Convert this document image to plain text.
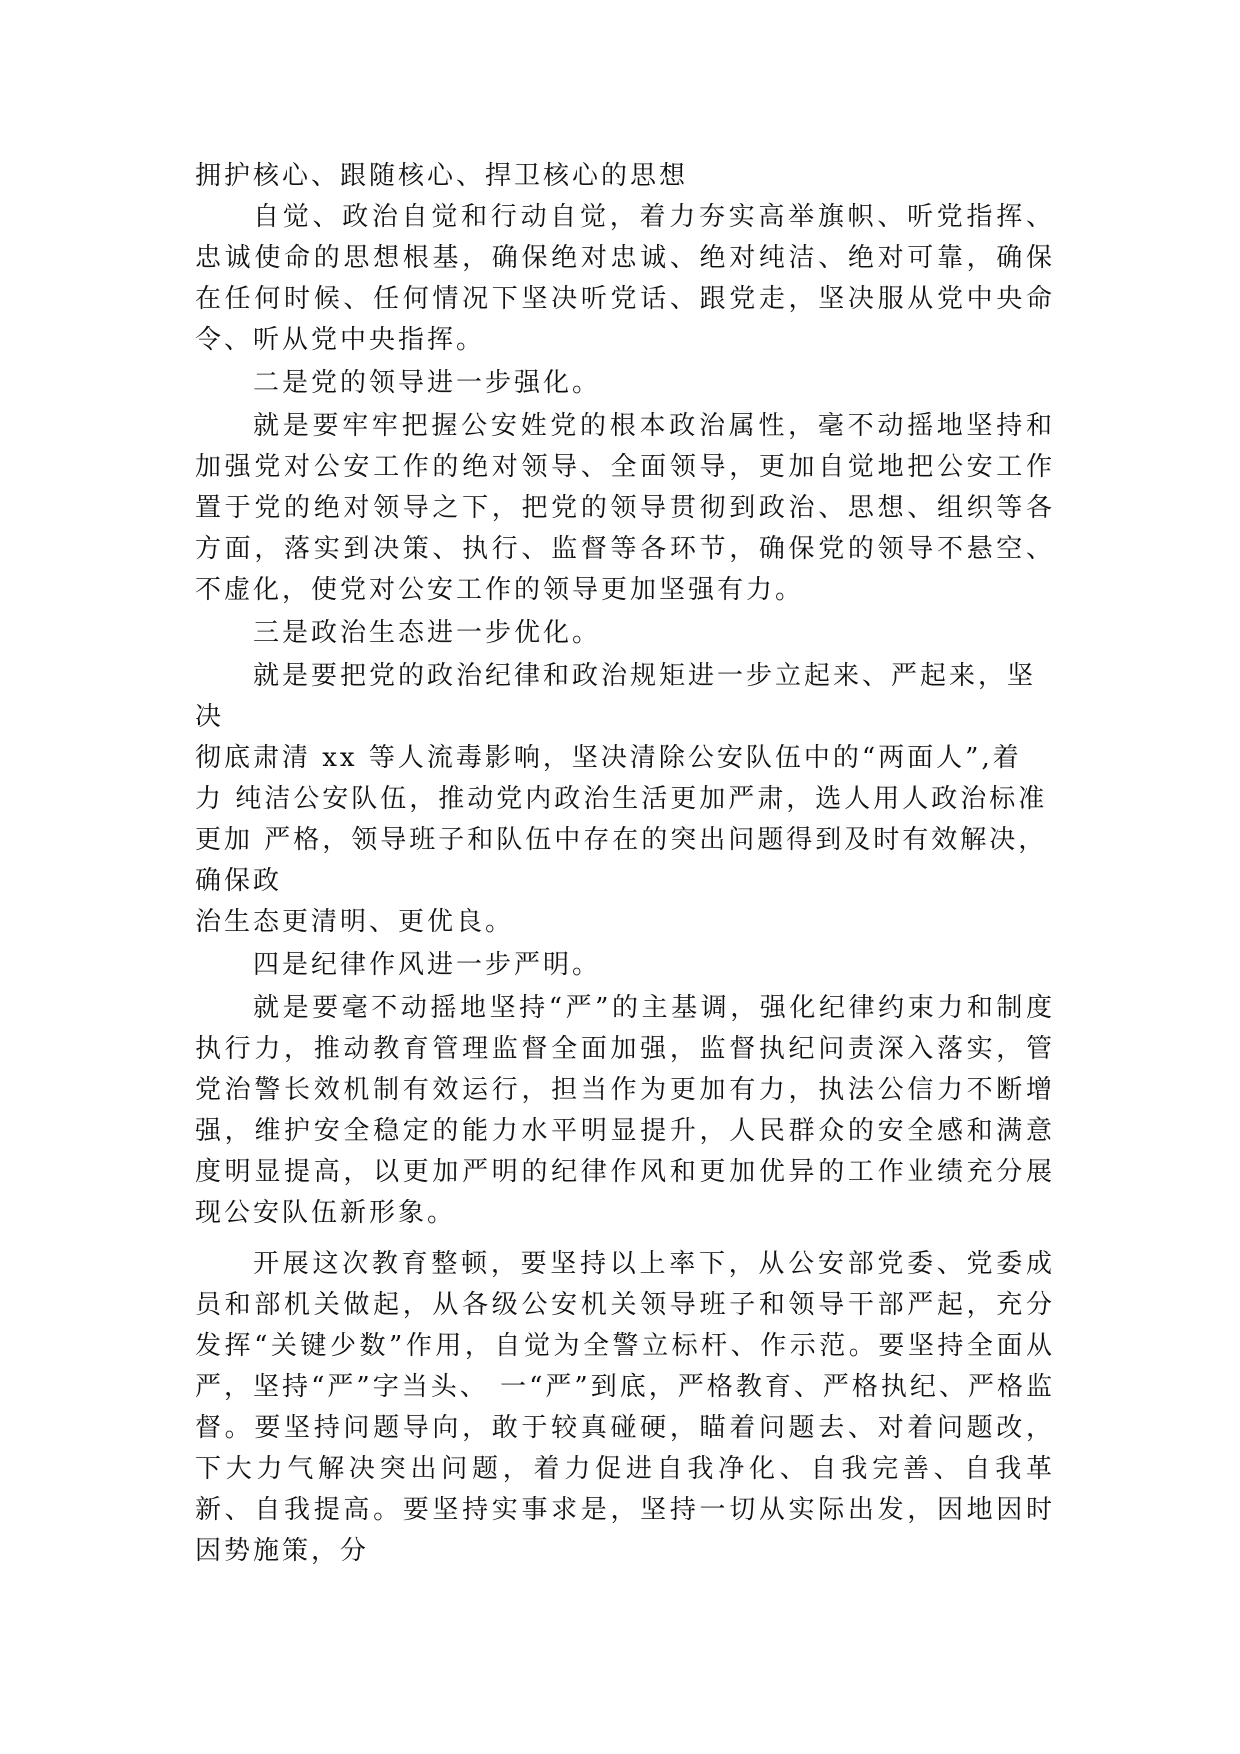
拥护核心、跟随核心、捍卫核心的思想

自觉、政治自觉和行动自觉，着力夯实高举旗帜、听党指挥、忠诚使命的思想根基，确保绝对忠诚、绝对纯洁、绝对可靠，确保在任何时候、任何情况下坚决听党话、跟党走，坚决服从党中央命令、听从党中央指挥。

二是党的领导进一步强化。

就是要牢牢把握公安姓党的根本政治属性，毫不动摇地坚持和加强党对公安工作的绝对领导、全面领导，更加自觉地把公安工作置于党的绝对领导之下，把党的领导贯彻到政治、思想、组织等各方面，落实到决策、执行、监督等各环节，确保党的领导不悬空、不虚化，使党对公安工作的领导更加坚强有力。

三是政治生态进一步优化。

就是要把党的政治纪律和政治规矩进一步立起来、严起来，坚决
彻底肃清 xx 等人流毒影响，坚决清除公安队伍中的“两面人”,着
力 纯洁公安队伍，推动党内政治生活更加严肃，选人用人政治标准
更加 严格，领导班子和队伍中存在的突出问题得到及时有效解决，
确保政
治生态更清明、更优良。

四是纪律作风进一步严明。

就是要毫不动摇地坚持“严”的主基调，强化纪律约束力和制度执行力，推动教育管理监督全面加强，监督执纪问责深入落实，管党治警长效机制有效运行，担当作为更加有力，执法公信力不断增强，维护安全稳定的能力水平明显提升，人民群众的安全感和满意度明显提高，以更加严明的纪律作风和更加优异的工作业绩充分展现公安队伍新形象。

开展这次教育整顿，要坚持以上率下，从公安部党委、党委成员和部机关做起，从各级公安机关领导班子和领导干部严起，充分发挥“关键少数”作用，自觉为全警立标杆、作示范。要坚持全面从严，坚持“严”字当头、 一“严”到底，严格教育、严格执纪、严格监督。要坚持问题导向，敢于较真碰硬，瞄着问题去、对着问题改，下大力气解决突出问题，着力促进自我净化、自我完善、自我革新、自我提高。要坚持实事求是，坚持一切从实际出发，因地因时因势施策，分
